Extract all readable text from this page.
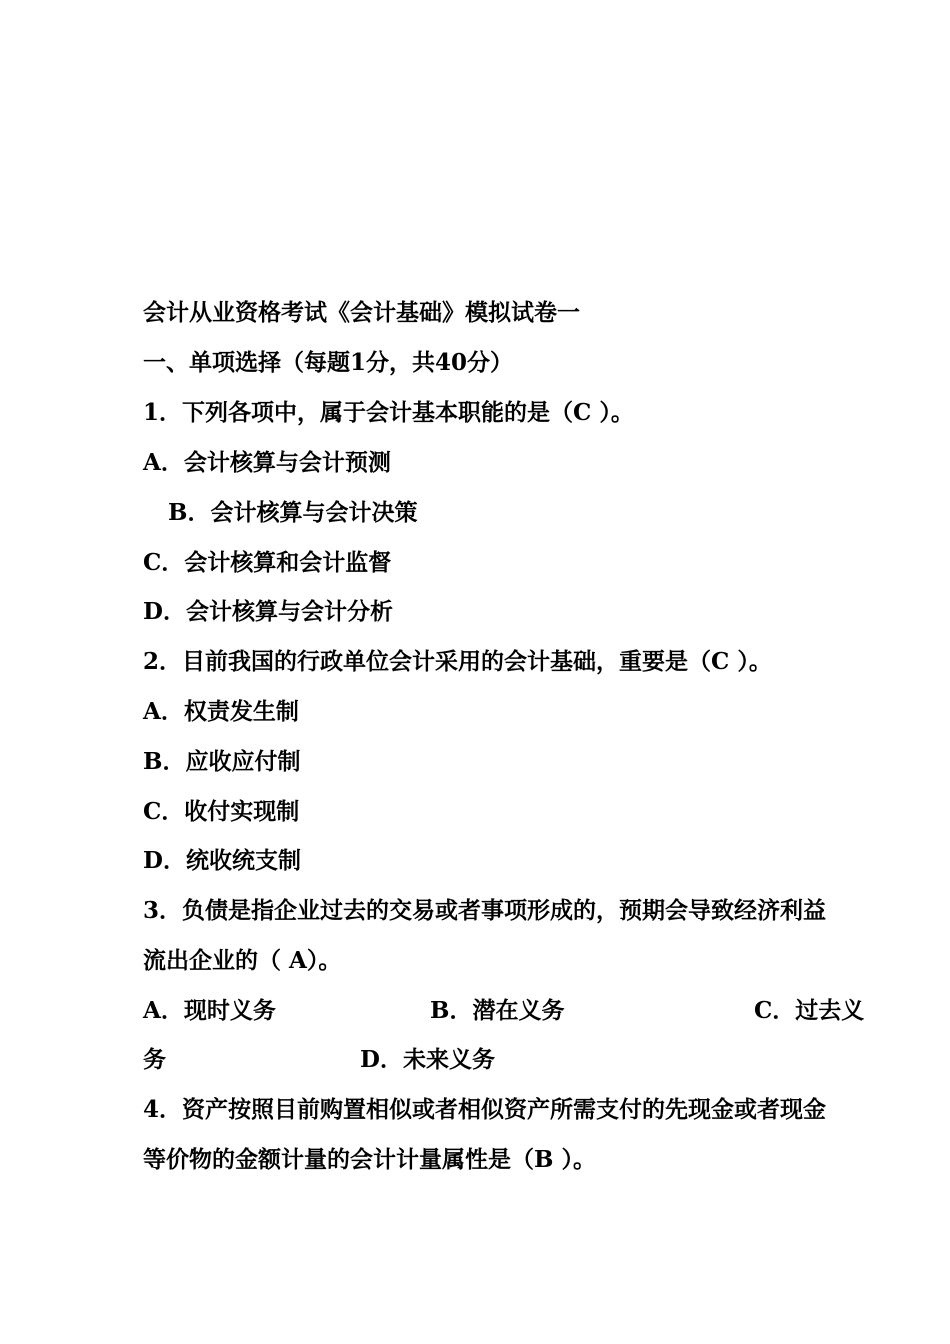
会计从业资格考试《会计基础》模拟试卷一
一、单项选择（每题1分，共40分）
1．下列各项中，属于会计基本职能的是（C ）。
A．会计核算与会计预测
B．会计核算与会计决策
C．会计核算和会计监督
D．会计核算与会计分析
2．目前我国的行政单位会计采用的会计基础，重要是（C ）。
A．权责发生制
B．应收应付制
C．收付实现制
D．统收统支制
3．负债是指企业过去的交易或者事项形成的，预期会导致经济利益
流出企业的（ A）。
A．现时义务	B．潜在义务	C．过去义
务	D．未来义务
4．资产按照目前购置相似或者相似资产所需支付的先现金或者现金
等价物的金额计量的会计计量属性是（B ）。
